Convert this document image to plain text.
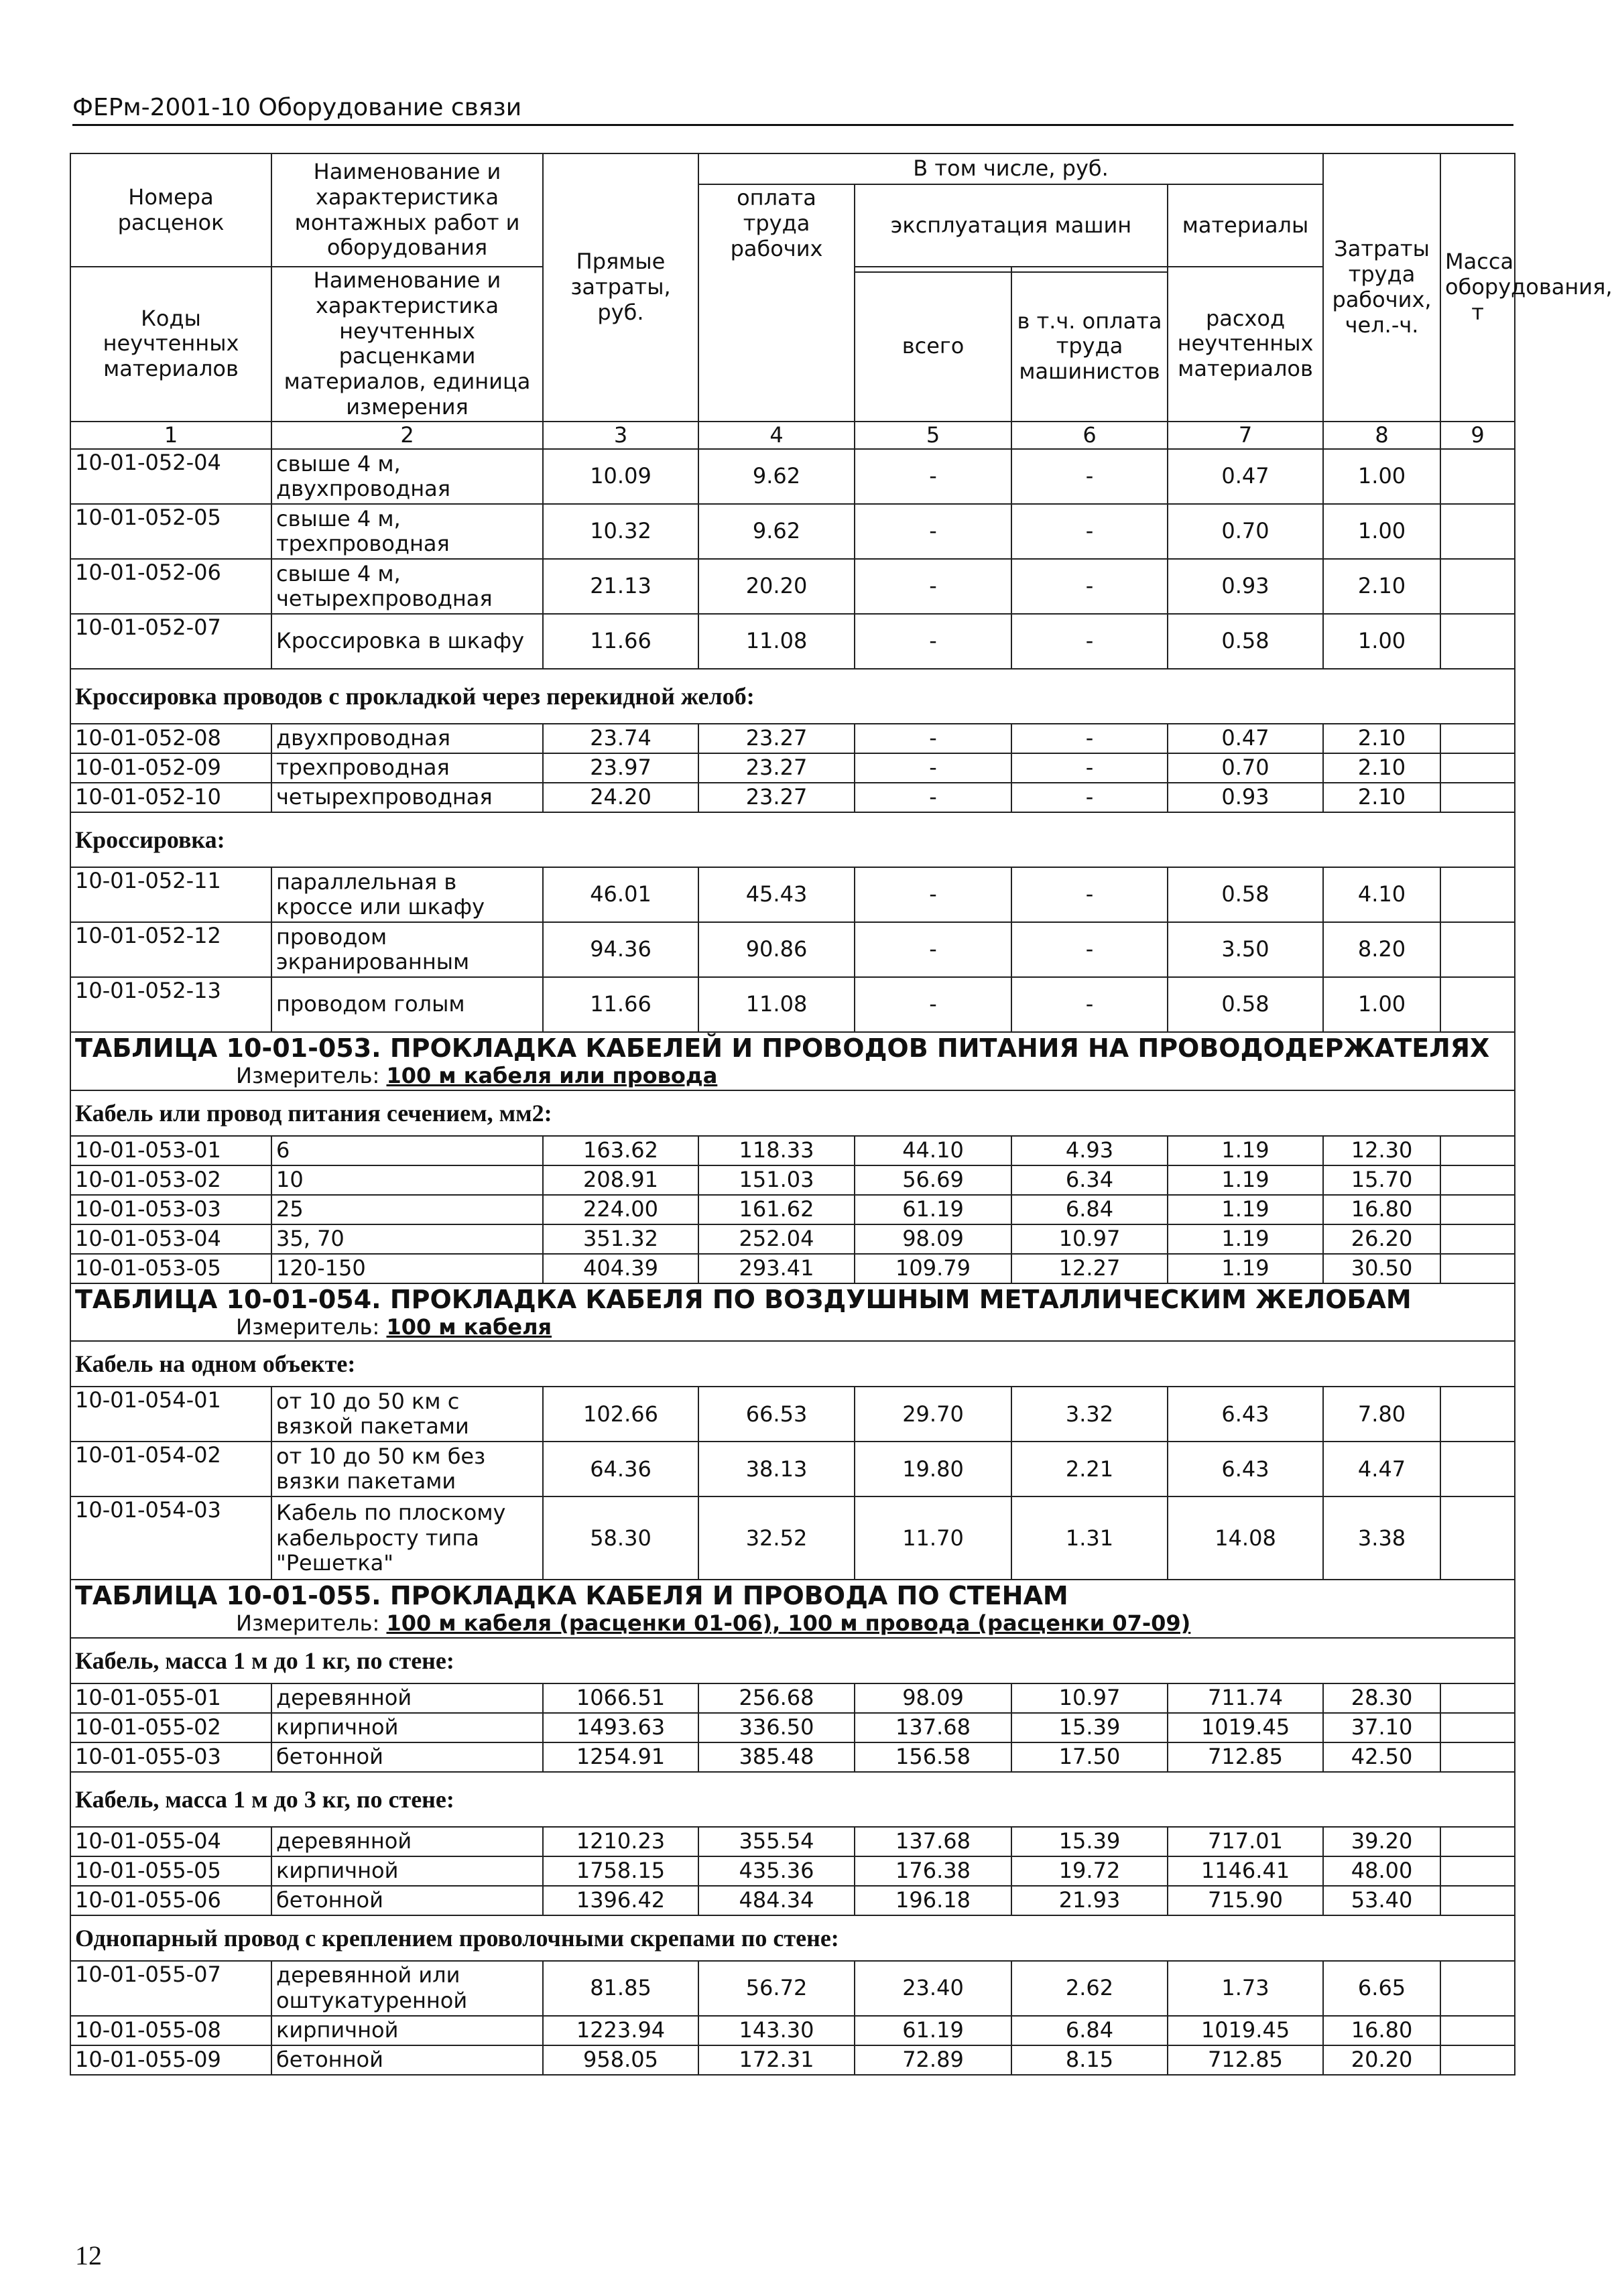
ФЕРм-2001-10 Оборудование связи
Номера расценок	Наименование и характеристика монтажных работ и оборудования	Прямые затраты, руб.	В том числе, руб.				Затраты труда рабочих, чел.-ч.	Масса оборудования, т
			оплата труда рабочих	эксплуатация машин		материалы		
Коды неучтенных материалов	Наименование и характеристика неучтенных расценками материалов, единица измерения					расход неучтенных материалов		
				всего	в т.ч. оплата труда машинистов			
1	2	3	4	5	6	7	8	9
10-01-052-04	свыше 4 м, двухпроводная	10.09	9.62	-	-	0.47	1.00	
10-01-052-05	свыше 4 м, трехпроводная	10.32	9.62	-	-	0.70	1.00	
10-01-052-06	свыше 4 м, четырехпроводная	21.13	20.20	-	-	0.93	2.10	
10-01-052-07	Кроссировка в шкафу	11.66	11.08	-	-	0.58	1.00	
Кроссировка проводов с прокладкой через перекидной желоб:								
10-01-052-08	двухпроводная	23.74	23.27	-	-	0.47	2.10	
10-01-052-09	трехпроводная	23.97	23.27	-	-	0.70	2.10	
10-01-052-10	четырехпроводная	24.20	23.27	-	-	0.93	2.10	
Кроссировка:								
10-01-052-11	параллельная в кроссе или шкафу	46.01	45.43	-	-	0.58	4.10	
10-01-052-12	проводом экранированным	94.36	90.86	-	-	3.50	8.20	
10-01-052-13	проводом голым	11.66	11.08	-	-	0.58	1.00	

ТАБЛИЦА 10-01-053. ПРОКЛАДКА КАБЕЛЕЙ И ПРОВОДОВ ПИТАНИЯ НА ПРОВОДОДЕРЖАТЕЛЯХ
Измеритель: 100 м кабеля или провода								

Кабель или провод питания сечением, мм2:								
10-01-053-01	6	163.62	118.33	44.10	4.93	1.19	12.30	
10-01-053-02	10	208.91	151.03	56.69	6.34	1.19	15.70	
10-01-053-03	25	224.00	161.62	61.19	6.84	1.19	16.80	
10-01-053-04	35, 70	351.32	252.04	98.09	10.97	1.19	26.20	
10-01-053-05	120-150	404.39	293.41	109.79	12.27	1.19	30.50	

ТАБЛИЦА 10-01-054. ПРОКЛАДКА КАБЕЛЯ ПО ВОЗДУШНЫМ МЕТАЛЛИЧЕСКИМ ЖЕЛОБАМ
Измеритель: 100 м кабеля								

Кабель на одном объекте:								
10-01-054-01	от 10 до 50 км с вязкой пакетами	102.66	66.53	29.70	3.32	6.43	7.80	
10-01-054-02	от 10 до 50 км без вязки пакетами	64.36	38.13	19.80	2.21	6.43	4.47	
10-01-054-03	Кабель по плоскому кабельросту типа "Решетка"	58.30	32.52	11.70	1.31	14.08	3.38	

ТАБЛИЦА 10-01-055. ПРОКЛАДКА КАБЕЛЯ И ПРОВОДА ПО СТЕНАМ
Измеритель: 100 м кабеля (расценки 01-06), 100 м провода (расценки 07-09)								

Кабель, масса 1 м до 1 кг, по стене:								
10-01-055-01	деревянной	1066.51	256.68	98.09	10.97	711.74	28.30	
10-01-055-02	кирпичной	1493.63	336.50	137.68	15.39	1019.45	37.10	
10-01-055-03	бетонной	1254.91	385.48	156.58	17.50	712.85	42.50	
Кабель, масса 1 м до 3 кг, по стене:								
10-01-055-04	деревянной	1210.23	355.54	137.68	15.39	717.01	39.20	
10-01-055-05	кирпичной	1758.15	435.36	176.38	19.72	1146.41	48.00	
10-01-055-06	бетонной	1396.42	484.34	196.18	21.93	715.90	53.40	
Однопарный провод с креплением проволочными скрепами по стене:								
10-01-055-07	деревянной или оштукатуренной	81.85	56.72	23.40	2.62	1.73	6.65	
10-01-055-08	кирпичной	1223.94	143.30	61.19	6.84	1019.45	16.80	
10-01-055-09	бетонной	958.05	172.31	72.89	8.15	712.85	20.20	
12
